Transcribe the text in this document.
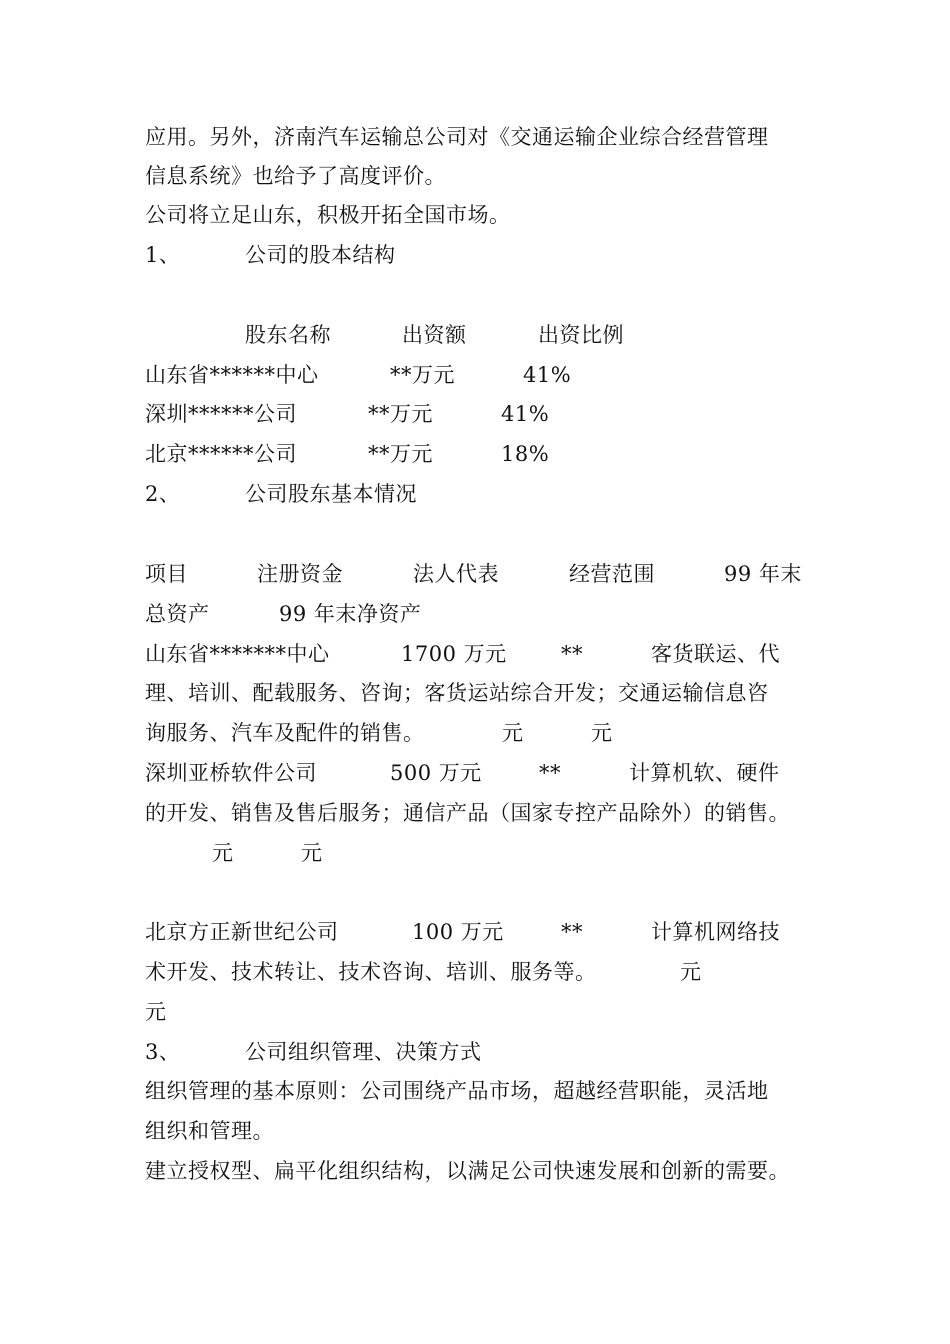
应用。另外，济南汽车运输总公司对《交通运输企业综合经营管理
信息系统》也给予了高度评价。
公司将立足山东，积极开拓全国市场。
1、	公司的股本结构
股东名称	出资额	出资比例
山东省******中心	**万元	41%
深圳******公司	**万元	41%
北京******公司	**万元	18%
2、	公司股东基本情况
项目	注册资金	法人代表	经营范围	99 年末
总资产	99 年末净资产
山东省*******中心	1700 万元	**	客货联运、代
理、培训、配载服务、咨询；客货运站综合开发；交通运输信息咨
询服务、汽车及配件的销售。	元	元
深圳亚桥软件公司	500 万元	**	计算机软、硬件
的开发、销售及售后服务；通信产品（国家专控产品除外）的销售。
元	元
北京方正新世纪公司	100 万元	**	计算机网络技
术开发、技术转让、技术咨询、培训、服务等。	元
元
3、	公司组织管理、决策方式
组织管理的基本原则：公司围绕产品市场，超越经营职能，灵活地
组织和管理。
建立授权型、扁平化组织结构，以满足公司快速发展和创新的需要。
